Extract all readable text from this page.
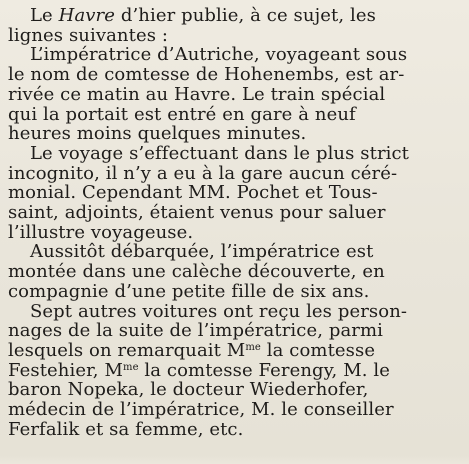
Le Havre d’hier publie, à ce sujet, les
lignes suivantes :

L’impératrice d’Autriche, voyageant sous
le nom de comtesse de Hohenembs, est ar-
rivée ce matin au Havre. Le train spécial
qui la portait est entré en gare à neuf
heures moins quelques minutes.

Le voyage s’effectuant dans le plus strict
incognito, il n’y a eu à la gare aucun céré-
monial. Cependant MM. Pochet et Tous-
saint, adjoints, étaient venus pour saluer
l’illustre voyageuse.

Aussitôt débarquée, l’impératrice est
montée dans une calèche découverte, en
compagnie d’une petite fille de six ans.

Sept autres voitures ont reçu les person-
nages de la suite de l’impératrice, parmi
lesquels on remarquait $M^{me}$ la comtesse
Festehier, $M^{me}$ la comtesse Ferengy, M. le
baron Nopeka, le docteur Wiederhofer,
médecin de l’impératrice, M. le conseiller
Ferfalik et sa femme, etc.
